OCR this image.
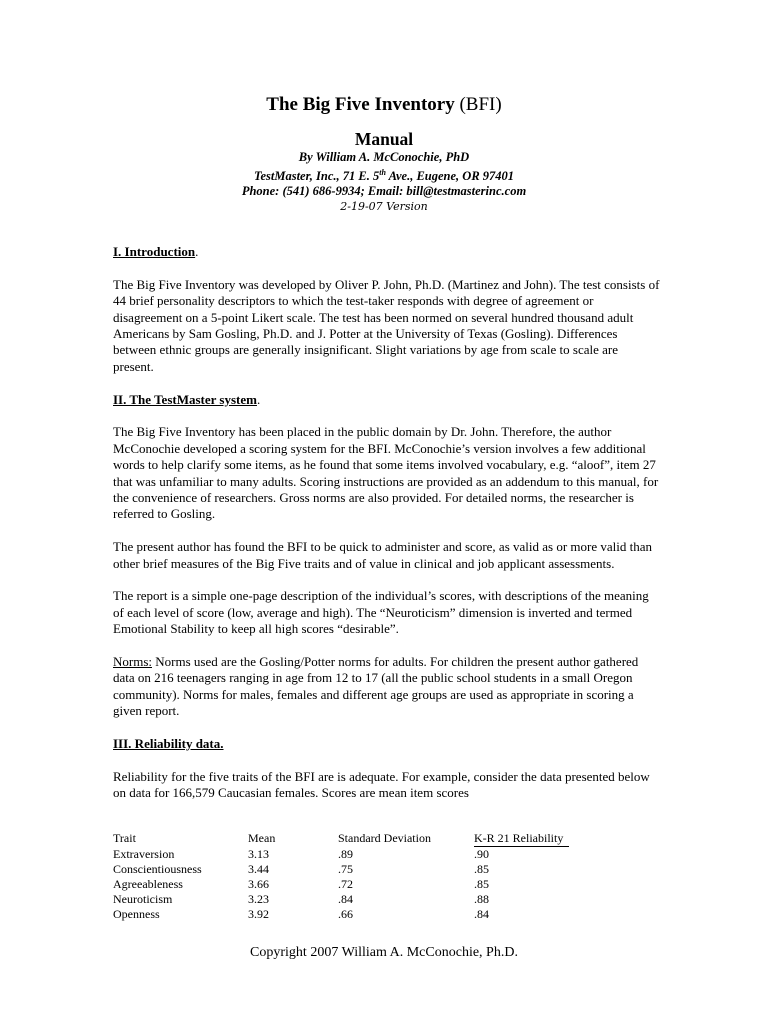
The Big Five Inventory (BFI)
Manual
By William A. McConochie, PhD
TestMaster, Inc., 71 E. 5th Ave., Eugene, OR 97401
Phone: (541) 686-9934; Email: bill@testmasterinc.com
2-19-07 Version

I. Introduction.

The Big Five Inventory was developed by Oliver P. John, Ph.D. (Martinez and John). The test consists of 44 brief personality descriptors to which the test-taker responds with degree of agreement or disagreement on a 5-point Likert scale. The test has been normed on several hundred thousand adult Americans by Sam Gosling, Ph.D. and J. Potter at the University of Texas (Gosling). Differences between ethnic groups are generally insignificant. Slight variations by age from scale to scale are present.

II. The TestMaster system.

The Big Five Inventory has been placed in the public domain by Dr. John. Therefore, the author McConochie developed a scoring system for the BFI. McConochie’s version involves a few additional words to help clarify some items, as he found that some items involved vocabulary, e.g. “aloof”, item 27 that was unfamiliar to many adults. Scoring instructions are provided as an addendum to this manual, for the convenience of researchers. Gross norms are also provided. For detailed norms, the researcher is referred to Gosling.

The present author has found the BFI to be quick to administer and score, as valid as or more valid than other brief measures of the Big Five traits and of value in clinical and job applicant assessments.

The report is a simple one-page description of the individual’s scores, with descriptions of the meaning of each level of score (low, average and high). The “Neuroticism” dimension is inverted and termed Emotional Stability to keep all high scores “desirable”.

Norms: Norms used are the Gosling/Potter norms for adults. For children the present author gathered data on 216 teenagers ranging in age from 12 to 17 (all the public school students in a small Oregon community). Norms for males, females and different age groups are used as appropriate in scoring a given report.

III. Reliability data.

Reliability for the five traits of the BFI are is adequate. For example, consider the data presented below on data for 166,579 Caucasian females. Scores are mean item scores

Trait	Mean	Standard Deviation	K-R 21 Reliability
Extraversion	3.13	.89	.90
Conscientiousness	3.44	.75	.85
Agreeableness	3.66	.72	.85
Neuroticism	3.23	.84	.88
Openness	3.92	.66	.84
Copyright 2007 William A. McConochie, Ph.D.
